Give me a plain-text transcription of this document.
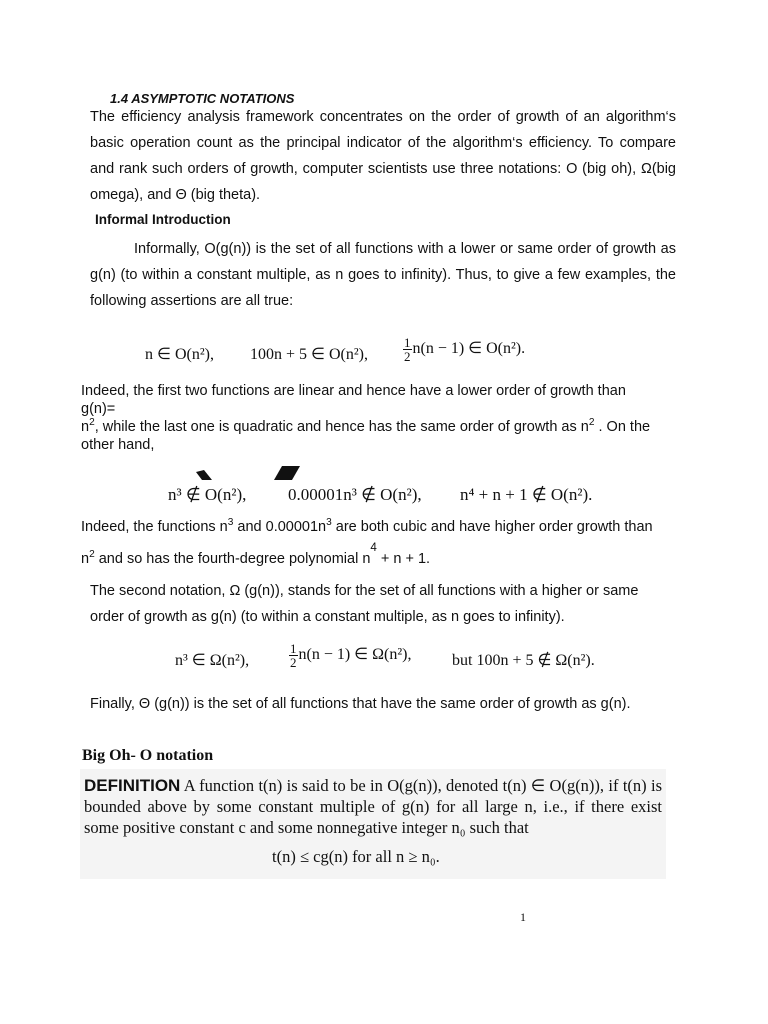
1.4 ASYMPTOTIC NOTATIONS
The efficiency analysis framework concentrates on the order of growth of an algorithm‘s basic operation count as the principal indicator of the algorithm‘s efficiency. To compare and rank such orders of growth, computer scientists use three notations: O (big oh), Ω(big omega), and Θ (big theta).
Informal Introduction
Informally, O(g(n)) is the set of all functions with a lower or same order of growth as g(n) (to within a constant multiple, as n goes to infinity). Thus, to give a few examples, the following assertions are all true:
n ∈ O(n²), 100n + 5 ∈ O(n²),	$\frac{1}{2} n(n - 1)$ ∈ O(n²).
Indeed, the first two functions are linear and hence have a lower order of growth than
g(n)=
$n^2$, while the last one is quadratic and hence has the same order of growth as $n^2$ . On the
other hand,
n³ ∉ O(n²), 0.00001n³ ∉ O(n²), n⁴ + n + 1 ∉ O(n²).
Indeed, the functions $n^3$ and $0.00001n^3$ are both cubic and have higher order growth than
$n^2$ and so has the fourth-degree polynomial $n^4 + n + 1$.
The second notation, Ω (g(n)), stands for the set of all functions with a higher or same order of growth as g(n) (to within a constant multiple, as n goes to infinity).
n³ ∈ Ω(n²),	$\frac{1}{2} n(n - 1)$ ∈ Ω(n²),	but 100n + 5 ∉ Ω(n²).
Finally, Θ (g(n)) is the set of all functions that have the same order of growth as g(n).
Big Oh- O notation
DEFINITION A function t(n) is said to be in O(g(n)), denoted t(n) ∈ O(g(n)), if t(n) is bounded above by some constant multiple of g(n) for all large n, i.e., if there exist some positive constant c and some nonnegative integer n₀ such that
t(n) ≤ cg(n) for all n ≥ n₀.
1
